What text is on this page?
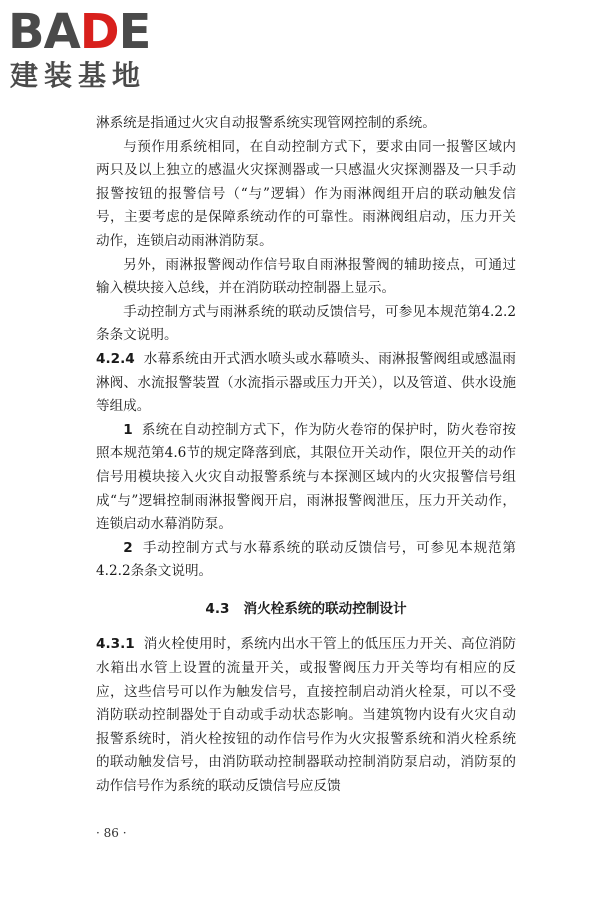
BADE
建装基地

淋系统是指通过火灾自动报警系统实现管网控制的系统。

与预作用系统相同，在自动控制方式下，要求由同一报警区域内两只及以上独立的感温火灾探测器或一只感温火灾探测器及一只手动报警按钮的报警信号（“与”逻辑）作为雨淋阀组开启的联动触发信号，主要考虑的是保障系统动作的可靠性。雨淋阀组启动，压力开关动作，连锁启动雨淋消防泵。

另外，雨淋报警阀动作信号取自雨淋报警阀的辅助接点，可通过输入模块接入总线，并在消防联动控制器上显示。

手动控制方式与雨淋系统的联动反馈信号，可参见本规范第4.2.2条条文说明。

4.2.4 水幕系统由开式洒水喷头或水幕喷头、雨淋报警阀组或感温雨淋阀、水流报警装置（水流指示器或压力开关），以及管道、供水设施等组成。

1 系统在自动控制方式下，作为防火卷帘的保护时，防火卷帘按照本规范第4.6节的规定降落到底，其限位开关动作，限位开关的动作信号用模块接入火灾自动报警系统与本探测区域内的火灾报警信号组成“与”逻辑控制雨淋报警阀开启，雨淋报警阀泄压，压力开关动作，连锁启动水幕消防泵。

2 手动控制方式与水幕系统的联动反馈信号，可参见本规范第4.2.2条条文说明。

4.3 消火栓系统的联动控制设计

4.3.1 消火栓使用时，系统内出水干管上的低压压力开关、高位消防水箱出水管上设置的流量开关，或报警阀压力开关等均有相应的反应，这些信号可以作为触发信号，直接控制启动消火栓泵，可以不受消防联动控制器处于自动或手动状态影响。当建筑物内设有火灾自动报警系统时，消火栓按钮的动作信号作为火灾报警系统和消火栓系统的联动触发信号，由消防联动控制器联动控制消防泵启动，消防泵的动作信号作为系统的联动反馈信号应反馈

· 86 ·
